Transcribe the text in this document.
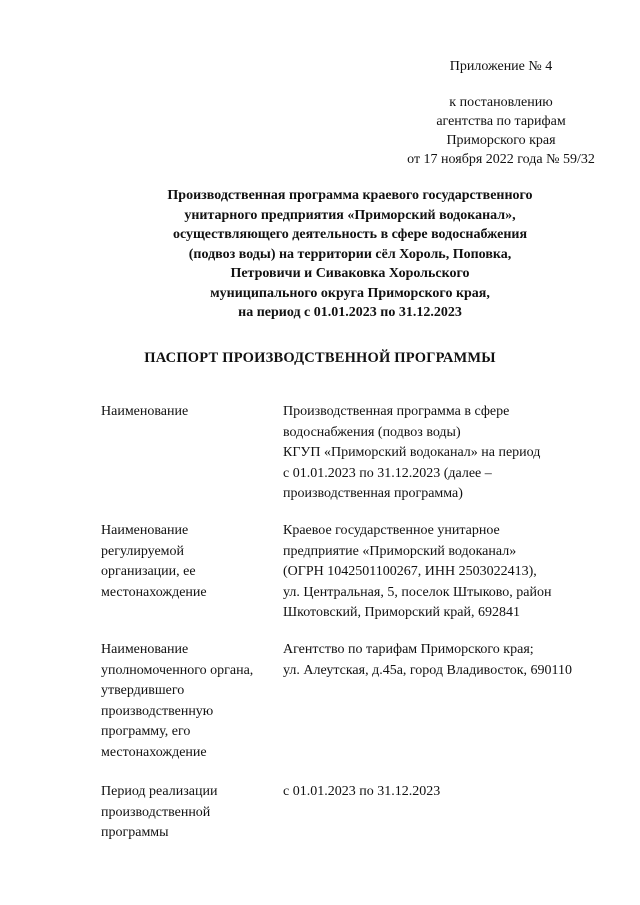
Приложение № 4
к постановлению
агентства по тарифам
Приморского края
от 17 ноября 2022 года № 59/32
Производственная программа краевого государственного
унитарного предприятия «Приморский водоканал»,
осуществляющего деятельность в сфере водоснабжения
(подвоз воды) на территории сёл Хороль, Поповка,
Петровичи и Сиваковка Хорольского
муниципального округа Приморского края,
на период с 01.01.2023 по 31.12.2023
ПАСПОРТ ПРОИЗВОДСТВЕННОЙ ПРОГРАММЫ
Наименование	Производственная программа в сфере
водоснабжения (подвоз воды)
КГУП «Приморский водоканал» на период
с 01.01.2023 по 31.12.2023 (далее –
производственная программа)
Наименование
регулируемой
организации, ее
местонахождение
Краевое государственное унитарное
предприятие «Приморский водоканал»
(ОГРН 1042501100267, ИНН 2503022413),
ул. Центральная, 5, поселок Штыково, район
Шкотовский, Приморский край, 692841
Наименование
уполномоченного органа,
утвердившего
производственную
программу, его
местонахождение
Агентство по тарифам Приморского края;
ул. Алеутская, д.45а, город Владивосток, 690110
Период реализации
производственной
программы
с 01.01.2023 по 31.12.2023
